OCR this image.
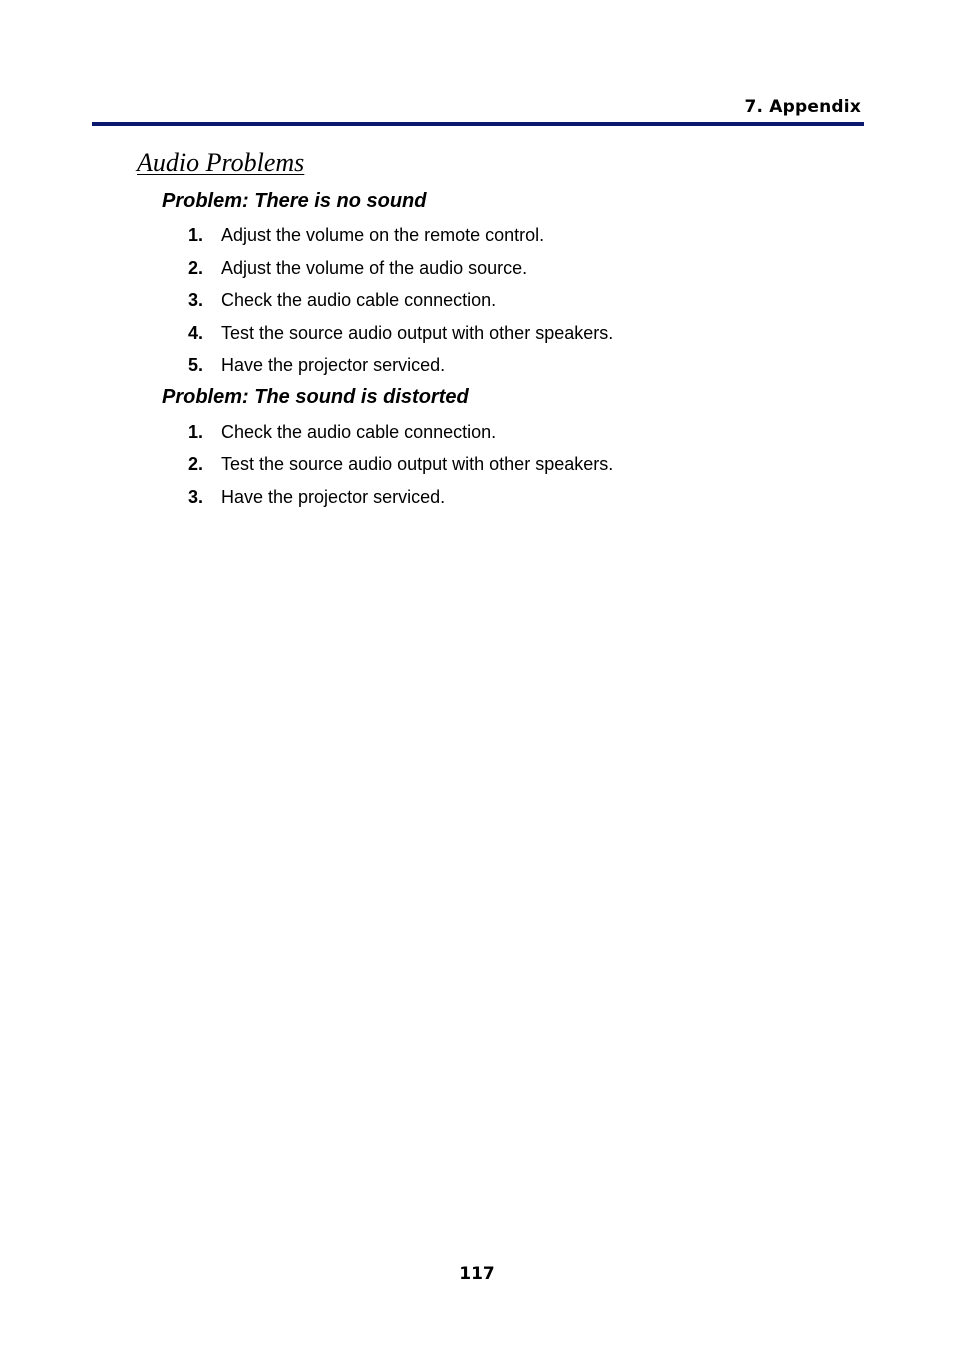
7. Appendix
Audio Problems
Problem: There is no sound
1. Adjust the volume on the remote control.
2. Adjust the volume of the audio source.
3. Check the audio cable connection.
4. Test the source audio output with other speakers.
5. Have the projector serviced.
Problem: The sound is distorted
1. Check the audio cable connection.
2. Test the source audio output with other speakers.
3. Have the projector serviced.
117
